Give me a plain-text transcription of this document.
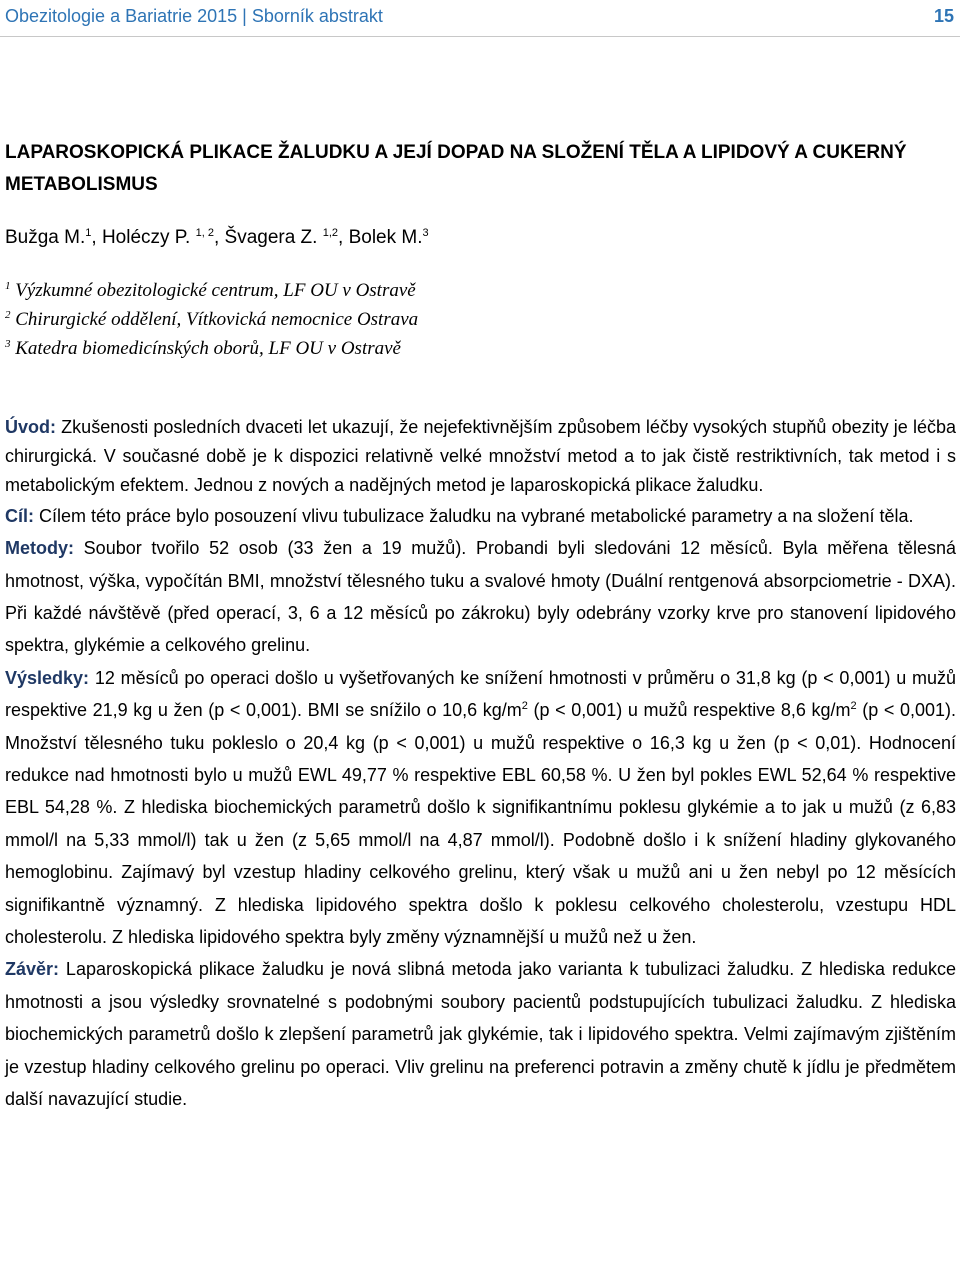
Obezitologie a Bariatrie 2015 | Sborník abstrakt	15
LAPAROSKOPICKÁ PLIKACE ŽALUDKU A JEJÍ DOPAD NA SLOŽENÍ TĚLA A LIPIDOVÝ A CUKERNÝ METABOLISMUS
Bužga M.$^1$, Holéczy P. $^{1, 2}$, Švagera Z. $^{1,2}$, Bolek M.$^3$
$^1$ Výzkumné obezitologické centrum, LF OU v Ostravě
$^2$ Chirurgické oddělení, Vítkovická nemocnice Ostrava
$^3$ Katedra biomedicínských oborů, LF OU v Ostravě

Úvod: Zkušenosti posledních dvaceti let ukazují, že nejefektivnějším způsobem léčby vysokých stupňů obezity je léčba chirurgická. V současné době je k dispozici relativně velké množství metod a to jak čistě restriktivních, tak metod i s metabolickým efektem. Jednou z nových a nadějných metod je laparoskopická plikace žaludku.

Cíl: Cílem této práce bylo posouzení vlivu tubulizace žaludku na vybrané metabolické parametry a na složení těla.

Metody: Soubor tvořilo 52 osob (33 žen a 19 mužů). Probandi byli sledováni 12 měsíců. Byla měřena tělesná hmotnost, výška, vypočítán BMI, množství tělesného tuku a svalové hmoty (Duální rentgenová absorpciometrie - DXA). Při každé návštěvě (před operací, 3, 6 a 12 měsíců po zákroku) byly odebrány vzorky krve pro stanovení lipidového spektra, glykémie a celkového grelinu.

Výsledky: 12 měsíců po operaci došlo u vyšetřovaných ke snížení hmotnosti v průměru o 31,8 kg (p < 0,001) u mužů respektive 21,9 kg u žen (p < 0,001). BMI se snížilo o 10,6 $kg/m^2$ (p < 0,001) u mužů respektive 8,6 $kg/m^2$ (p < 0,001). Množství tělesného tuku pokleslo o 20,4 kg (p < 0,001) u mužů respektive o 16,3 kg u žen (p < 0,01). Hodnocení redukce nad hmotnosti bylo u mužů EWL 49,77 % respektive EBL 60,58 %. U žen byl pokles EWL 52,64 % respektive EBL 54,28 %. Z hlediska biochemických parametrů došlo k signifikantnímu poklesu glykémie a to jak u mužů (z 6,83 mmol/l na 5,33 mmol/l) tak u žen (z 5,65 mmol/l na 4,87 mmol/l). Podobně došlo i k snížení hladiny glykovaného hemoglobinu. Zajímavý byl vzestup hladiny celkového grelinu, který však u mužů ani u žen nebyl po 12 měsících signifikantně významný. Z hlediska lipidového spektra došlo k poklesu celkového cholesterolu, vzestupu HDL cholesterolu. Z hlediska lipidového spektra byly změny významnější u mužů než u žen.

Závěr: Laparoskopická plikace žaludku je nová slibná metoda jako varianta k tubulizaci žaludku. Z hlediska redukce hmotnosti a jsou výsledky srovnatelné s podobnými soubory pacientů podstupujících tubulizaci žaludku. Z hlediska biochemických parametrů došlo k zlepšení parametrů jak glykémie, tak i lipidového spektra. Velmi zajímavým zjištěním je vzestup hladiny celkového grelinu po operaci. Vliv grelinu na preferenci potravin a změny chutě k jídlu je předmětem další navazující studie.
